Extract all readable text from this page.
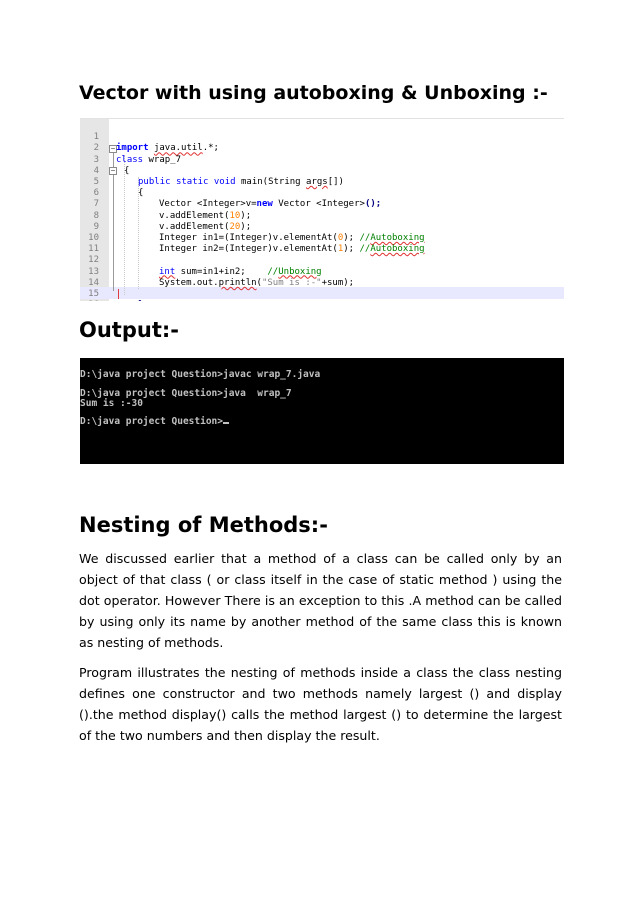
Vector with using autoboxing & Unboxing :-
−
−

1

import java.util.*;

2

class wrap_7

3

{

4

public static void main(String args[])

5

{

6

Vector <Integer>v=new Vector <Integer>();

7

v.addElement(10);

8

v.addElement(20);

9

Integer in1=(Integer)v.elementAt(0); //Autoboxing

10

Integer in2=(Integer)v.elementAt(1); //Autoboxing

11

12

int sum=in1+in2;    //Unboxing

13

System.out.println("Sum is :-"+sum);

14

15

Output:-
D:\java project Question>javac wrap_7.java
D:\java project Question>java  wrap_7
Sum is :-30
D:\java project Question>
Nesting of Methods:-
We discussed earlier that a method of a class can be called only by an object of that class ( or class itself in the case of static method ) using the dot operator. However There is an exception to this .A method can be called by using only its name by another method of the same class this is known as nesting of methods.
Program illustrates the nesting of methods inside a class the class nesting defines one constructor and two methods namely largest () and display ().the method display() calls the method largest () to determine the largest of the two numbers and then display the result.
